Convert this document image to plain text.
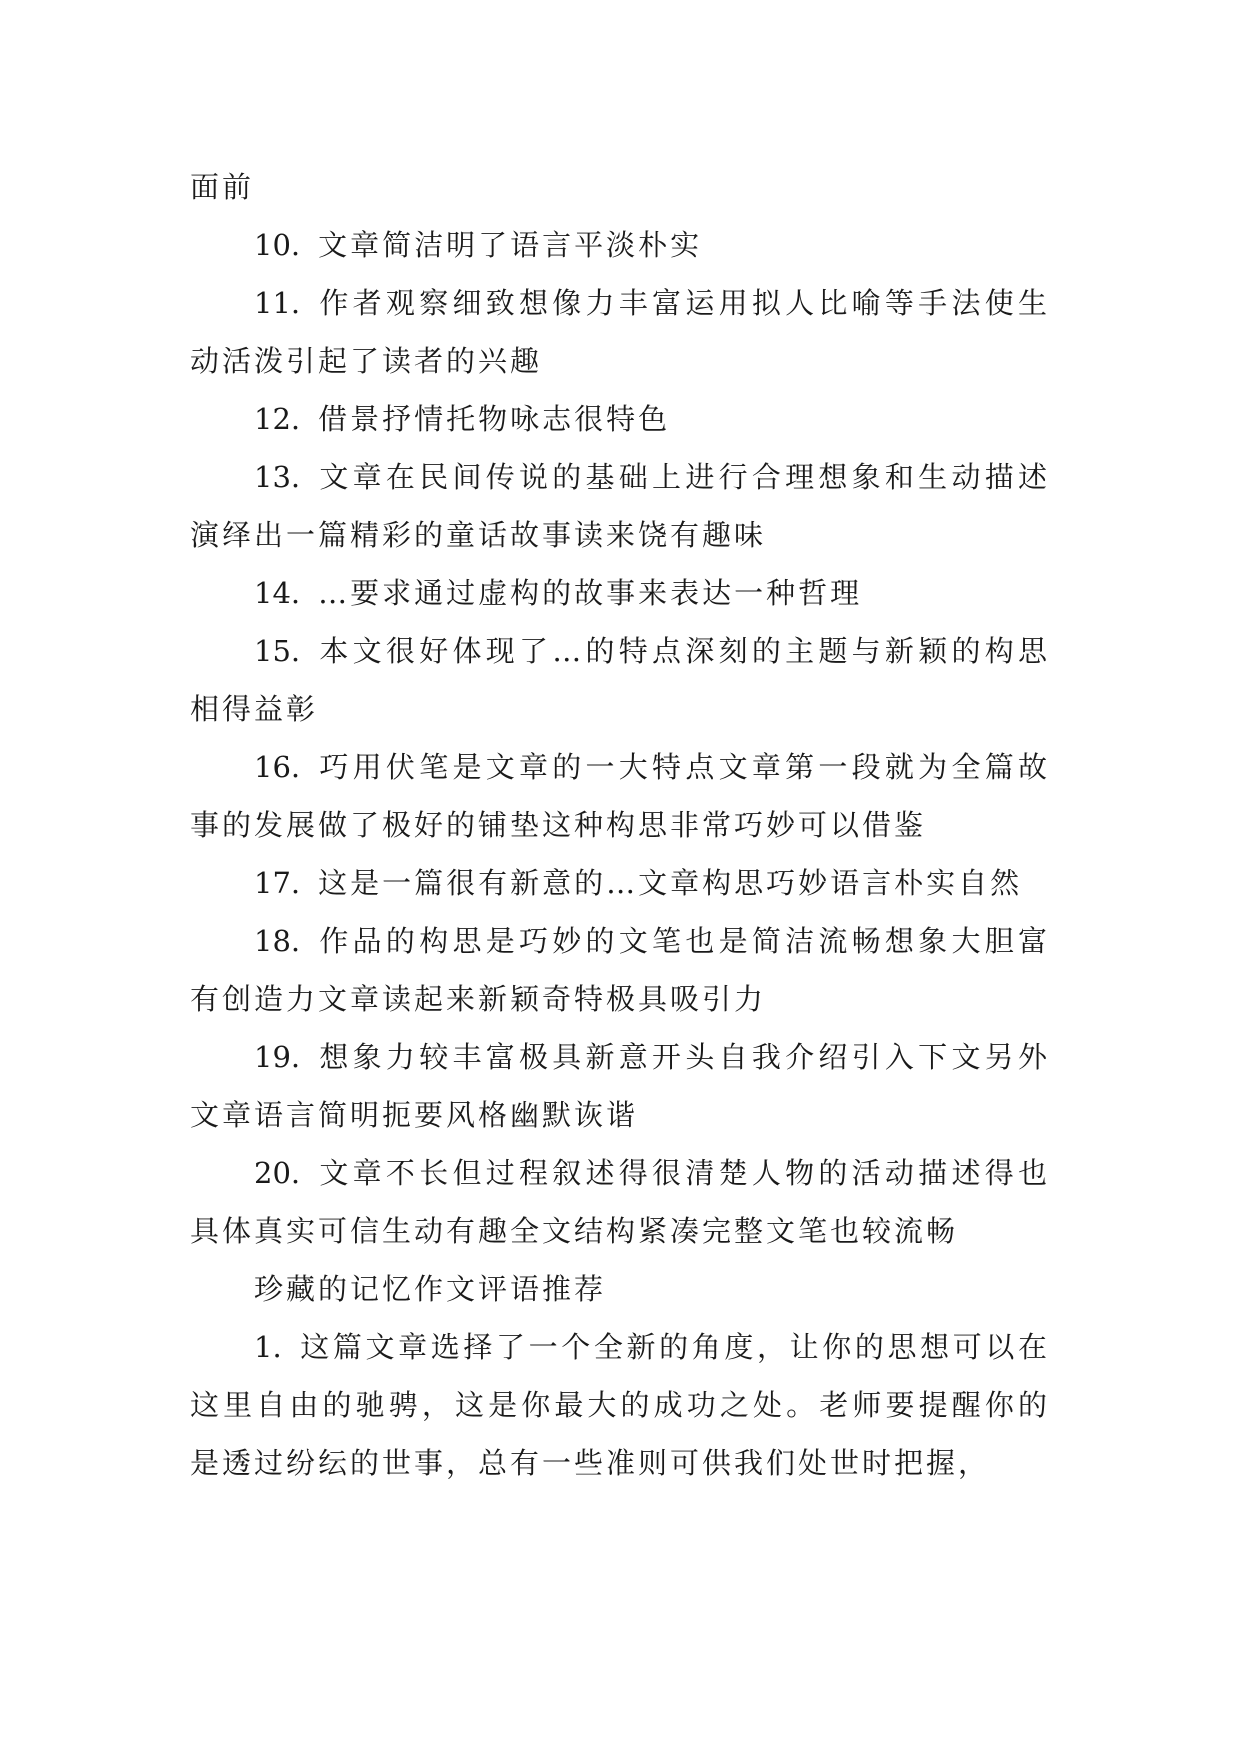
面前

10. 文章简洁明了语言平淡朴实

11. 作者观察细致想像力丰富运用拟人比喻等手法使生动活泼引起了读者的兴趣

12. 借景抒情托物咏志很特色

13. 文章在民间传说的基础上进行合理想象和生动描述演绎出一篇精彩的童话故事读来饶有趣味

14. …要求通过虚构的故事来表达一种哲理

15. 本文很好体现了…的特点深刻的主题与新颖的构思相得益彰

16. 巧用伏笔是文章的一大特点文章第一段就为全篇故事的发展做了极好的铺垫这种构思非常巧妙可以借鉴

17. 这是一篇很有新意的…文章构思巧妙语言朴实自然

18. 作品的构思是巧妙的文笔也是简洁流畅想象大胆富有创造力文章读起来新颖奇特极具吸引力

19. 想象力较丰富极具新意开头自我介绍引入下文另外文章语言简明扼要风格幽默诙谐

20. 文章不长但过程叙述得很清楚人物的活动描述得也具体真实可信生动有趣全文结构紧凑完整文笔也较流畅

珍藏的记忆作文评语推荐

1. 这篇文章选择了一个全新的角度，让你的思想可以在这里自由的驰骋，这是你最大的成功之处。老师要提醒你的是透过纷纭的世事，总有一些准则可供我们处世时把握，
